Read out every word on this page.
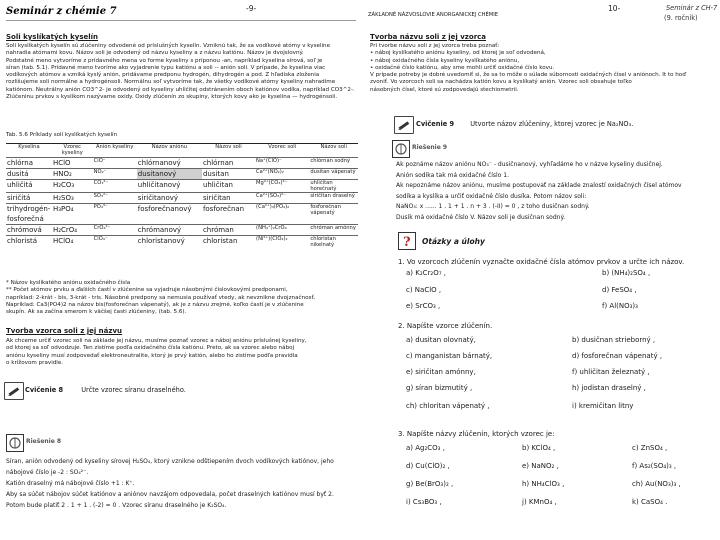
Seminár z chémie 7	-9-
Soli kyslíkatých kyselín
Soli kyslíkatých kyselín sú zlúčeniny odvodené od príslušných kyselín. Vzniknú tak, že sa vodíkové atómy v kyseline
nahradia atómami kovu. Názov soli je odvodený od názvu kyseliny a z názvu katiónu. Názov je dvojslovný.
Podstatné meno vytvoríme z prídavného mena vo forme kyseliny s príponou -an, napríklad kyselina sírová, soľ je
síran (tab. 5.1). Prídavné meno tvoríme ako vyjadrenie typu katiónu a soli -- anión soli. V prípade, že kyselina viac
vodíkových atómov a vzniká kyslý anión, pridávame predponu hydrogén, dihydrogén a pod. Z hľadiska zloženia
rozlišujeme soli normálne a hydrogénsoli. Normálnu soľ vytvoríme tak, že všetky vodíkové atómy kyseliny nahradíme
katiónom. Neutrálny anión CO3^2- je odvodený od kyseliny uhličitej odstránením oboch katiónov vodíka, napríklad CO3^2-.
Zlúčeninu prvkov s kyslíkom nazývame oxidy. Oxidy zlúčenín zo skupiny, ktorých kovy ako je kyselina — hydrogénsoli.
Tab. 5.6 Príklady solí kyslíkatých kyselín
Kyselina	Vzorec kyseliny	Anión kyseliny	Názov aniónu	Názov soli	Vzorec soli	Názov soli
chlórna	HClO	ClO⁻	chlórnanový	chlórnan	Na⁺(ClO)⁻	chlórnan sodný
dusitá	HNO₂	NO₂⁻	dusitanový	dusitan	Ca²⁺(NO₂)₂	dusitan vápenatý
uhličitá	H₂CO₃	CO₃²⁻	uhličitanový	uhličitan	Mg²⁺(CO₃)²⁻	uhličitan horečnatý
siričitá	H₂SO₃	SO₃²⁻	siričitanový	siričitan	Ca²⁺(SO₃)²⁻	siričitan draselný
trihydrogén-fosforečná	H₃PO₄	PO₄³⁻	fosforečnanový	fosforečnan	(Ca²⁺)₃(PO₄)₂	fosforečnan vápenatý
chrómová	H₂CrO₄	CrO₄²⁻	chrómanový	chróman	(NH₄⁺)₂CrO₄	chróman amónny
chloristá	HClO₄	ClO₄⁻	chloristanový	chloristan	(Ni²⁺)(ClO₄)₂	chloristan nikelnatý
* Názov kyslíkatého aniónu oxidačného čísla
** Počet atómov prvku a ďalších častí v zlúčenine sa vyjadruje násobnými číslovkovými predponami,
napríklad: 2-krát - bis, 3-krát - tris. Násobné predpony sa nemusia používať vtedy, ak nevznikne dvojznačnosť.
Napríklad: Ca3(PO4)2 na názov bis(fosforečnan vápenatý), ak je z názvu zrejmé, koľko častí je v zlúčenine
skupín. Ak sa začína smerom k väčšej časti zlúčeniny, (tab. 5.6).
Tvorba vzorca soli z jej názvu
Ak chceme určiť vzorec soli na základe jej názvu, musíme poznať vzorec a náboj aniónu príslušnej kyseliny,
od ktorej sa soľ odvodzuje. Ten zistíme podľa oxidačného čísla katiónu. Preto, ak sa vzorec alebo náboj
aniónu kyseliny musí zodpovedať elektroneutralite, ktorý je prvý katión, alebo ho zistíme podľa pravidla
o krížovom pravidle.
Cvičenie 8	Určte vzorec síranu draselného.
Riešenie 8
Síran, anión odvodený od kyseliny sírovej H₂SO₄, ktorý vznikne odštiepením dvoch vodíkových katiónov, jeho
nábojové číslo je -2 : SO₄²⁻.
Katión draselný má nábojové číslo +1 : K⁺.
Aby sa súčet nábojov súčet katiónov a aniónov navzájom odpovedala, počet draselných katiónov musí byť 2.
Potom bude platiť 2 . 1 + 1 . (-2) = 0 . Vzorec síranu draselného je K₂SO₄.
10-
ZÁKLADNÉ NÁZVOSLOVIE ANORGANICKEJ CHÉMIE
Seminár z CH-7
(9. ročník)
Tvorba názvu soli z jej vzorca
Pri tvorbe názvu soli z jej vzorca treba poznať:
• náboj kyslíkatého aniónu kyseliny, od ktorej je soľ odvodená,
• náboj oxidačného čísla kyseliny kyslíkatého aniónu,
• oxidačné číslo katiónu, aby sme mohli určiť oxidačné číslo kovu.
V prípade potreby je dobré uvedomiť si, že sa to môže o súlade súbornosti oxidačných čísel v aniónoch. It to hoď
zvoniť. Vo vzorcoch soli sa nachádza katión kovu a kyslíkatý anión. Vzorec soli obsahuje toľko
násobných čísel, ktoré sú zodpovedajú stechiometrii.
Cvičenie 9 Utvorte názov zlúčeniny, ktorej vzorec je Na₂NO₃.
Riešenie 9
Ak poznáme názov aniónu NO₃⁻ - dusičnanový, vyhľadáme ho v názve kyseliny dusičnej.
Anión sodíka tak má oxidačné číslo 1.
Ak nepoznáme názov aniónu, musíme postupovať na základe znalostí oxidačných čísel atómov
sodíka a kyslíka a určiť oxidačné číslo dusíka. Potom názov soli:
NaNO₃: x ...... 1 . 1 + 1 . n + 3 . (-II) = 0 , z toho dusičnan sodný.
Dusík má oxidačné číslo V. Názov soli je dusičnan sodný.
? Otázky a úlohy
1. Vo vzorcoch zlúčenín vyznačte oxidačné čísla atómov prvkov a určte ich názov.
a) K₂Cr₂O₇ ,	b) (NH₄)₂SO₄ ,
c) NaClO ,	d) FeSO₄ ,
e) SrCO₃ ,	f) Al(NO₃)₃
2. Napíšte vzorce zlúčenín.
a) dusitan olovnatý,	b) dusičnan strieborný ,
c) manganistan bárnatý,	d) fosforečnan vápenatý ,
e) siričitan amónny,	f) uhličitan železnatý ,
g) síran bizmutitý ,	h) jodistan draselný ,
ch) chloritan vápenatý ,	i) kremičitan litny
3. Napíšte názvy zlúčenín, ktorých vzorec je:
a) Ag₂CO₃ ,	b) KClO₄ ,	c) ZnSO₄ ,
d) Cu(ClO)₂ ,	e) NaNO₂ ,	f) As₂(SO₄)₃ ,
g) Be(BrO₃)₂ ,	h) NH₄ClO₃ ,	ch) Au(NO₃)₃ ,
i) Cs₃BO₃ ,	j) KMnO₄ ,	k) CaSO₄ .
